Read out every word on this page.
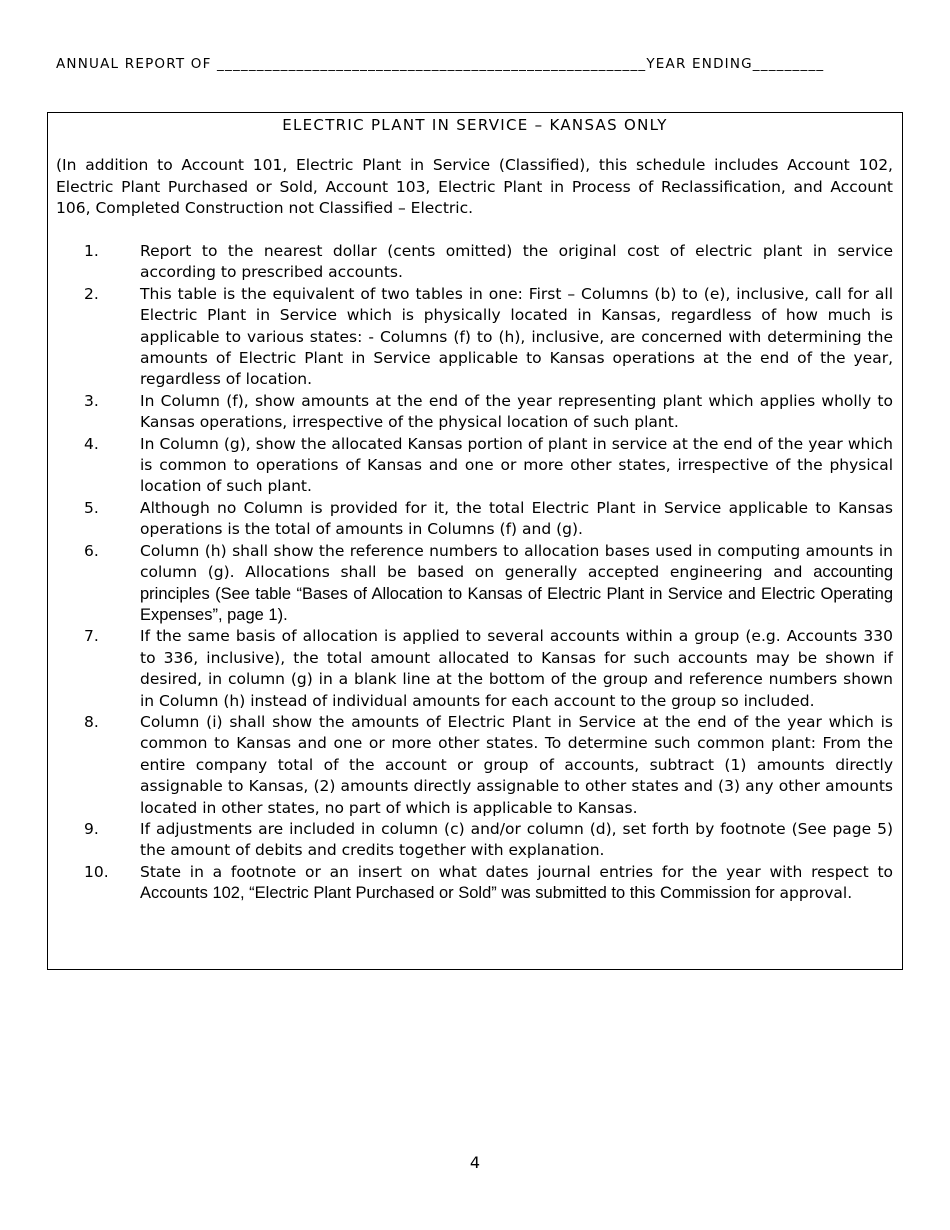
ANNUAL REPORT OF ______________________________________________________YEAR ENDING_________
ELECTRIC PLANT IN SERVICE – KANSAS ONLY
(In addition to Account 101, Electric Plant in Service (Classified), this schedule includes Account 102, Electric Plant Purchased or Sold, Account 103, Electric Plant in Process of Reclassification, and Account 106, Completed Construction not Classified – Electric.
1.	Report to the nearest dollar (cents omitted) the original cost of electric plant in service according to prescribed accounts.
2.	This table is the equivalent of two tables in one: First – Columns (b) to (e), inclusive, call for all Electric Plant in Service which is physically located in Kansas, regardless of how much is applicable to various states: - Columns (f) to (h), inclusive, are concerned with determining the amounts of Electric Plant in Service applicable to Kansas operations at the end of the year, regardless of location.
3.	In Column (f), show amounts at the end of the year representing plant which applies wholly to Kansas operations, irrespective of the physical location of such plant.
4.	In Column (g), show the allocated Kansas portion of plant in service at the end of the year which is common to operations of Kansas and one or more other states, irrespective of the physical location of such plant.
5.	Although no Column is provided for it, the total Electric Plant in Service applicable to Kansas operations is the total of amounts in Columns (f) and (g).
6.	Column (h) shall show the reference numbers to allocation bases used in computing amounts in column (g). Allocations shall be based on generally accepted engineering and accounting principles (See table “Bases of Allocation to Kansas of Electric Plant in Service and Electric Operating Expenses”, page 1).
7.	If the same basis of allocation is applied to several accounts within a group (e.g. Accounts 330 to 336, inclusive), the total amount allocated to Kansas for such accounts may be shown if desired, in column (g) in a blank line at the bottom of the group and reference numbers shown in Column (h) instead of individual amounts for each account to the group so included.
8.	Column (i) shall show the amounts of Electric Plant in Service at the end of the year which is common to Kansas and one or more other states. To determine such common plant: From the entire company total of the account or group of accounts, subtract (1) amounts directly assignable to Kansas, (2) amounts directly assignable to other states and (3) any other amounts located in other states, no part of which is applicable to Kansas.
9.	If adjustments are included in column (c) and/or column (d), set forth by footnote (See page 5) the amount of debits and credits together with explanation.
10. State in a footnote or an insert on what dates journal entries for the year with respect to Accounts 102, “Electric Plant Purchased or Sold” was submitted to this Commission for approval.
4
